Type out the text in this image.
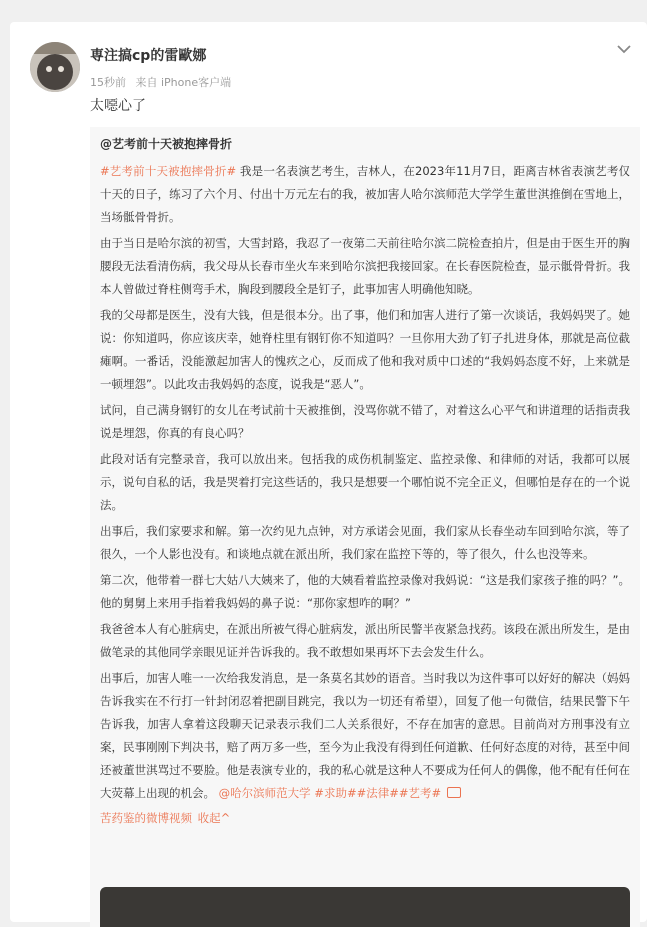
専注搞cp的雷歐娜
15秒前 来自 iPhone客户端
太噁心了
@艺考前十天被抱摔骨折

#艺考前十天被抱摔骨折# 我是一名表演艺考生，吉林人，在2023年11月7日，距离吉林省表演艺考仅十天的日子，练习了六个月、付出十万元左右的我，被加害人哈尔滨师范大学学生董世淇推倒在雪地上，当场骶骨骨折。

由于当日是哈尔滨的初雪，大雪封路，我忍了一夜第二天前往哈尔滨二院检查拍片，但是由于医生开的胸腰段无法看清伤病，我父母从长春市坐火车来到哈尔滨把我接回家。在长春医院检查，显示骶骨骨折。我本人曾做过脊柱侧弯手术，胸段到腰段全是钉子，此事加害人明确他知晓。

我的父母都是医生，没有大钱，但是很本分。出了事，他们和加害人进行了第一次谈话，我妈妈哭了。她说：你知道吗，你应该庆幸，她脊柱里有钢钉你不知道吗？一旦你用大劲了钉子扎进身体，那就是高位截瘫啊。一番话，没能激起加害人的愧疚之心，反而成了他和我对质中口述的“我妈妈态度不好，上来就是一顿埋怨”。以此攻击我妈妈的态度，说我是“恶人”。

试问，自己满身钢钉的女儿在考试前十天被推倒，没骂你就不错了，对着这么心平气和讲道理的话指责我说是埋怨，你真的有良心吗？

此段对话有完整录音，我可以放出来。包括我的成伤机制鉴定、监控录像、和律师的对话，我都可以展示，说句自私的话，我是哭着打完这些话的，我只是想要一个哪怕说不完全正义，但哪怕是存在的一个说法。

出事后，我们家要求和解。第一次约见九点钟，对方承诺会见面，我们家从长春坐动车回到哈尔滨，等了很久，一个人影也没有。和谈地点就在派出所，我们家在监控下等的，等了很久，什么也没等来。

第二次，他带着一群七大姑八大姨来了，他的大姨看着监控录像对我妈说：“这是我们家孩子推的吗？”。他的舅舅上来用手指着我妈妈的鼻子说：“那你家想咋的啊？”

我爸爸本人有心脏病史，在派出所被气得心脏病发，派出所民警半夜紧急找药。该段在派出所发生，是由做笔录的其他同学亲眼见证并告诉我的。我不敢想如果再坏下去会发生什么。

出事后，加害人唯一一次给我发消息，是一条莫名其妙的语音。当时我以为这件事可以好好的解决（妈妈告诉我实在不行打一针封闭忍着把副目跳完，我以为一切还有希望），回复了他一句微信，结果民警下午告诉我，加害人拿着这段聊天记录表示我们二人关系很好，不存在加害的意思。目前尚对方刑事没有立案，民事刚刚下判决书，赔了两万多一些，至今为止我没有得到任何道歉、任何好态度的对待，甚至中间还被董世淇骂过不要脸。他是表演专业的，我的私心就是这种人不要成为任何人的偶像，他不配有任何在大荧幕上出现的机会。 @哈尔滨师范大学 #求助##法律##艺考#

苦药鉴的微博视频 收起^
